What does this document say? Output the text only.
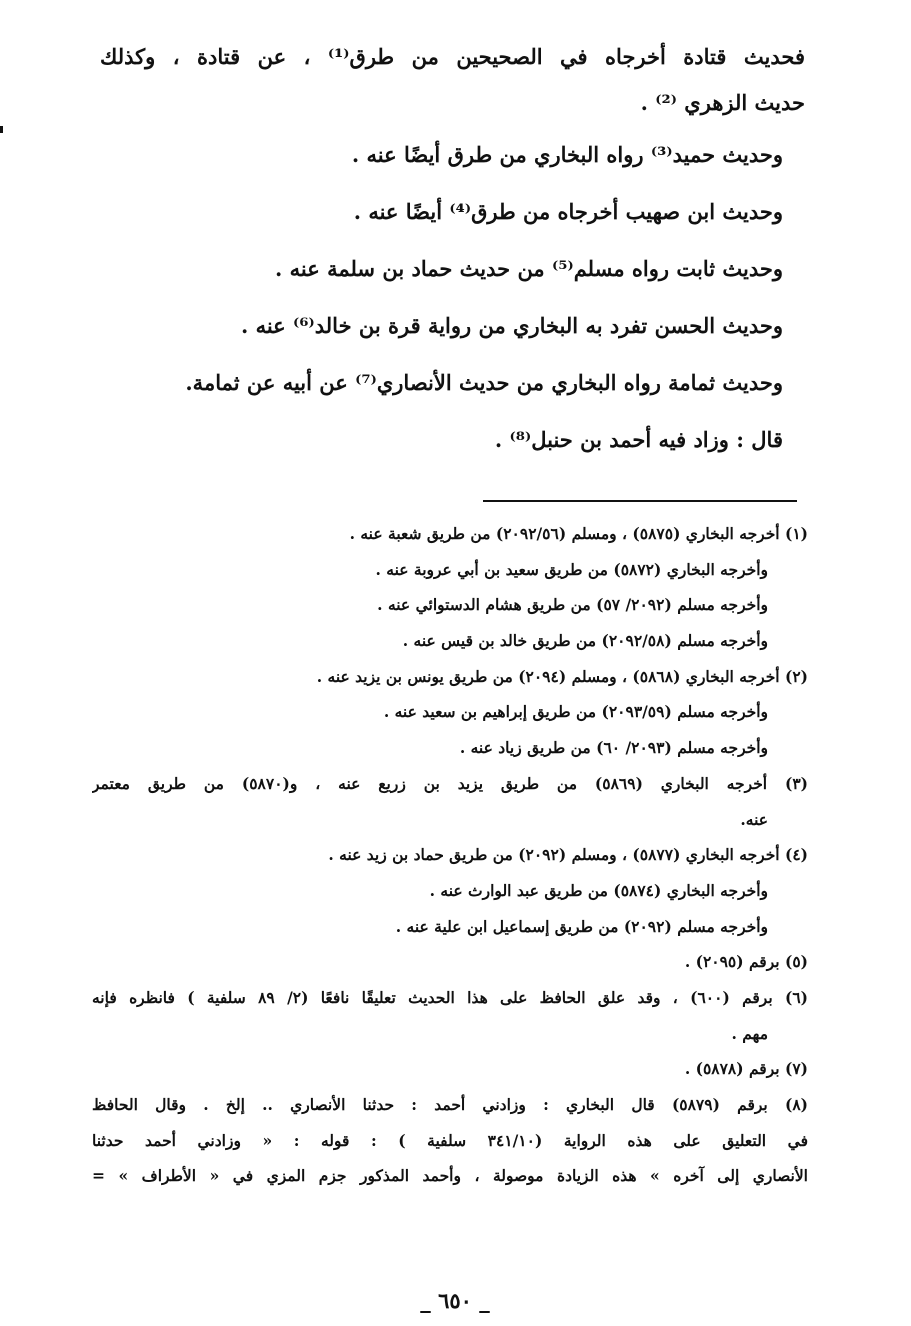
فحديث قتادة أخرجاه في الصحيحين من طرق⁽¹⁾ ، عن قتادة ، وكذلك
حديث الزهري ⁽²⁾ .
وحديث حميد⁽³⁾ رواه البخاري من طرق أيضًا عنه .
وحديث ابن صهيب أخرجاه من طرق⁽⁴⁾ أيضًا عنه .
وحديث ثابت رواه مسلم⁽⁵⁾ من حديث حماد بن سلمة عنه .
وحديث الحسن تفرد به البخاري من رواية قرة بن خالد⁽⁶⁾ عنه .
وحديث ثمامة رواه البخاري من حديث الأنصاري⁽⁷⁾ عن أبيه عن ثمامة.
قال : وزاد فيه أحمد بن حنبل⁽⁸⁾ .
(١) أخرجه البخاري (٥٨٧٥) ، ومسلم (٢٠٩٢/٥٦) من طريق شعبة عنه .
وأخرجه البخاري (٥٨٧٢) من طريق سعيد بن أبي عروبة عنه .
وأخرجه مسلم (٢٠٩٢/ ٥٧) من طريق هشام الدستوائي عنه .
وأخرجه مسلم (٢٠٩٢/٥٨) من طريق خالد بن قيس عنه .
(٢) أخرجه البخاري (٥٨٦٨) ، ومسلم (٢٠٩٤) من طريق يونس بن يزيد عنه .
وأخرجه مسلم (٢٠٩٣/٥٩) من طريق إبراهيم بن سعيد عنه .
وأخرجه مسلم (٢٠٩٣/ ٦٠) من طريق زياد عنه .
(٣) أخرجه البخاري (٥٨٦٩) من طريق يزيد بن زريع عنه ، و(٥٨٧٠) من طريق معتمر
عنه.
(٤) أخرجه البخاري (٥٨٧٧) ، ومسلم (٢٠٩٢) من طريق حماد بن زيد عنه .
وأخرجه البخاري (٥٨٧٤) من طريق عبد الوارث عنه .
وأخرجه مسلم (٢٠٩٢) من طريق إسماعيل ابن علية عنه .
(٥) برقم (٢٠٩٥) .
(٦) برقم (٦٠٠) ، وقد علق الحافظ على هذا الحديث تعليقًا نافعًا (٢/ ٨٩ سلفية ) فانظره فإنه
مهم .
(٧) برقم (٥٨٧٨) .
(٨) برقم (٥٨٧٩) قال البخاري : وزادني أحمد : حدثنا الأنصاري .. إلخ . وقال الحافظ
في التعليق على هذه الرواية (٣٤١/١٠ سلفية ) : قوله : « وزادني أحمد حدثنا
الأنصاري إلى آخره » هذه الزيادة موصولة ، وأحمد المذكور جزم المزي في « الأطراف » =
_ ٦٥٠ _
